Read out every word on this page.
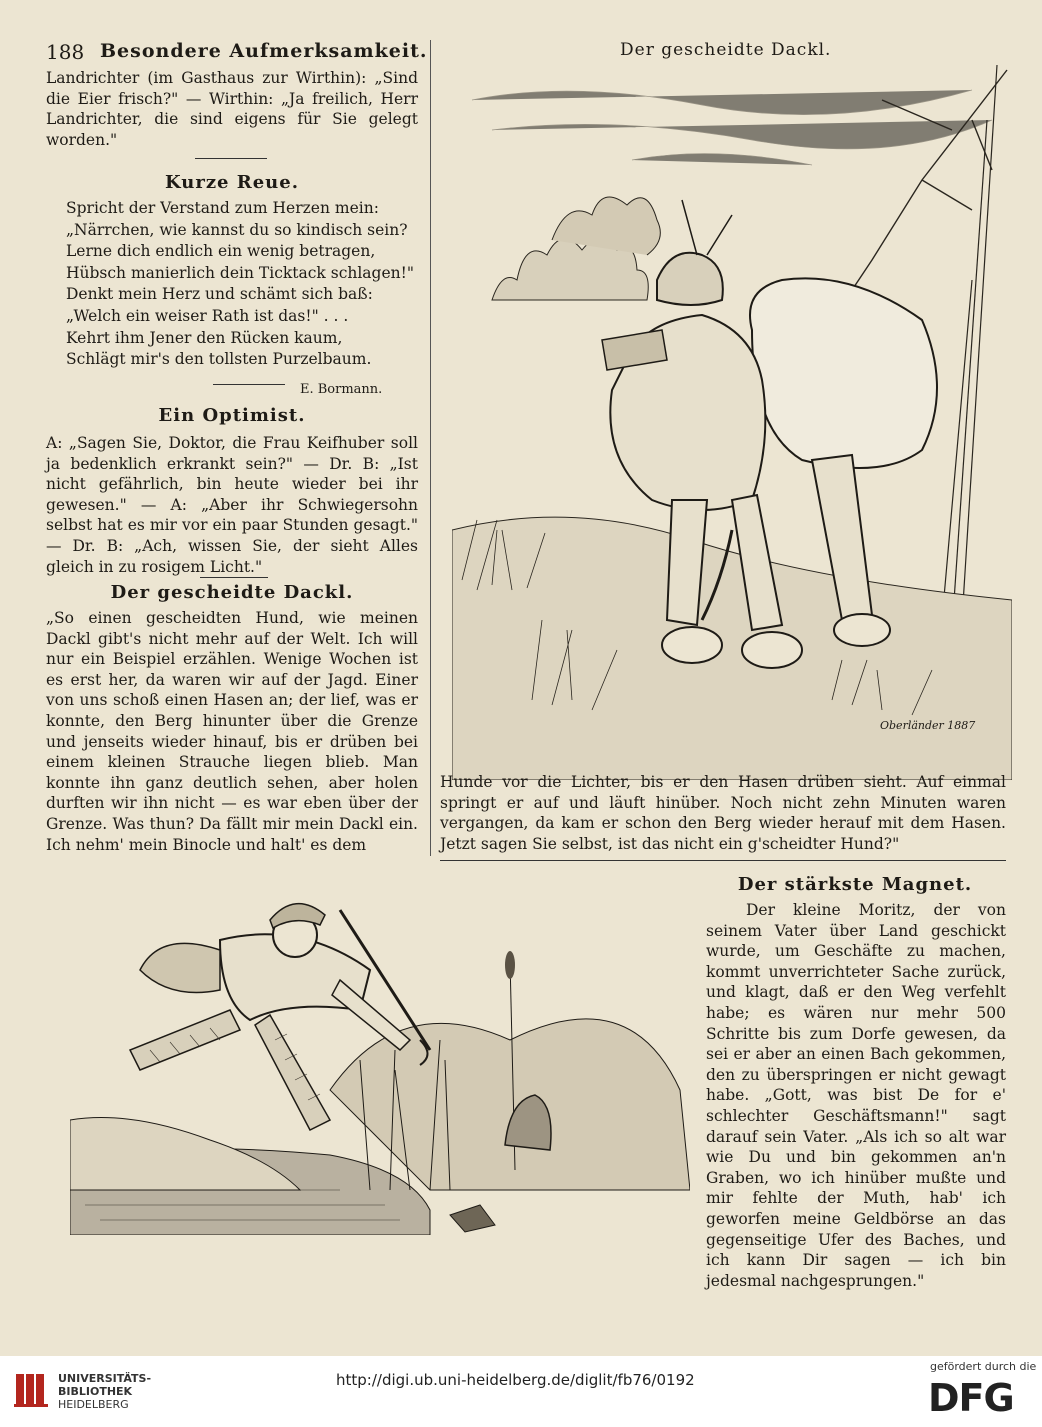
188 Besondere Aufmerksamkeit.
Landrichter (im Gasthaus zur Wirthin): „Sind die Eier frisch?" — Wirthin: „Ja freilich, Herr Landrichter, die sind eigens für Sie gelegt worden."
Kurze Reue.
Spricht der Verstand zum Herzen mein:
„Närrchen, wie kannst du so kindisch sein?
Lerne dich endlich ein wenig betragen,
Hübsch manierlich dein Ticktack schlagen!"
Denkt mein Herz und schämt sich baß:
„Welch ein weiser Rath ist das!" . . .
Kehrt ihm Jener den Rücken kaum,
Schlägt mir's den tollsten Purzelbaum.
E. Bormann.
Ein Optimist.
A: „Sagen Sie, Doktor, die Frau Keifhuber soll ja bedenklich erkrankt sein?" — Dr. B: „Ist nicht gefährlich, bin heute wieder bei ihr gewesen." — A: „Aber ihr Schwiegersohn selbst hat es mir vor ein paar Stunden gesagt." — Dr. B: „Ach, wissen Sie, der sieht Alles gleich in zu rosigem Licht."
Der gescheidte Dackl.
„So einen gescheidten Hund, wie meinen Dackl gibt's nicht mehr auf der Welt. Ich will nur ein Beispiel erzählen. Wenige Wochen ist es erst her, da waren wir auf der Jagd. Einer von uns schoß einen Hasen an; der lief, was er konnte, den Berg hinunter über die Grenze und jenseits wieder hinauf, bis er drüben bei einem kleinen Strauche liegen blieb. Man konnte ihn ganz deutlich sehen, aber holen durften wir ihn nicht — es war eben über der Grenze. Was thun? Da fällt mir mein Dackl ein. Ich nehm' mein Binocle und halt' es dem
Der gescheidte Dackl.
Oberländer 1887
Hunde vor die Lichter, bis er den Hasen drüben sieht. Auf einmal springt er auf und läuft hinüber. Noch nicht zehn Minuten waren vergangen, da kam er schon den Berg wieder herauf mit dem Hasen. Jetzt sagen Sie selbst, ist das nicht ein g'scheidter Hund?"
Der stärkste Magnet.
Der kleine Moritz, der von seinem Vater über Land geschickt wurde, um Geschäfte zu machen, kommt unverrichteter Sache zurück, und klagt, daß er den Weg verfehlt habe; es wären nur mehr 500 Schritte bis zum Dorfe gewesen, da sei er aber an einen Bach gekommen, den zu überspringen er nicht gewagt habe. „Gott, was bist De for e' schlechter Geschäftsmann!" sagt darauf sein Vater. „Als ich so alt war wie Du und bin gekommen an'n Graben, wo ich hinüber mußte und mir fehlte der Muth, hab' ich geworfen meine Geldbörse an das gegenseitige Ufer des Baches, und ich kann Dir sagen — ich bin jedesmal nachgesprungen."
UNIVERSITÄTS-
BIBLIOTHEK
HEIDELBERG
http://digi.ub.uni-heidelberg.de/diglit/fb76/0192
gefördert durch die
DFG
